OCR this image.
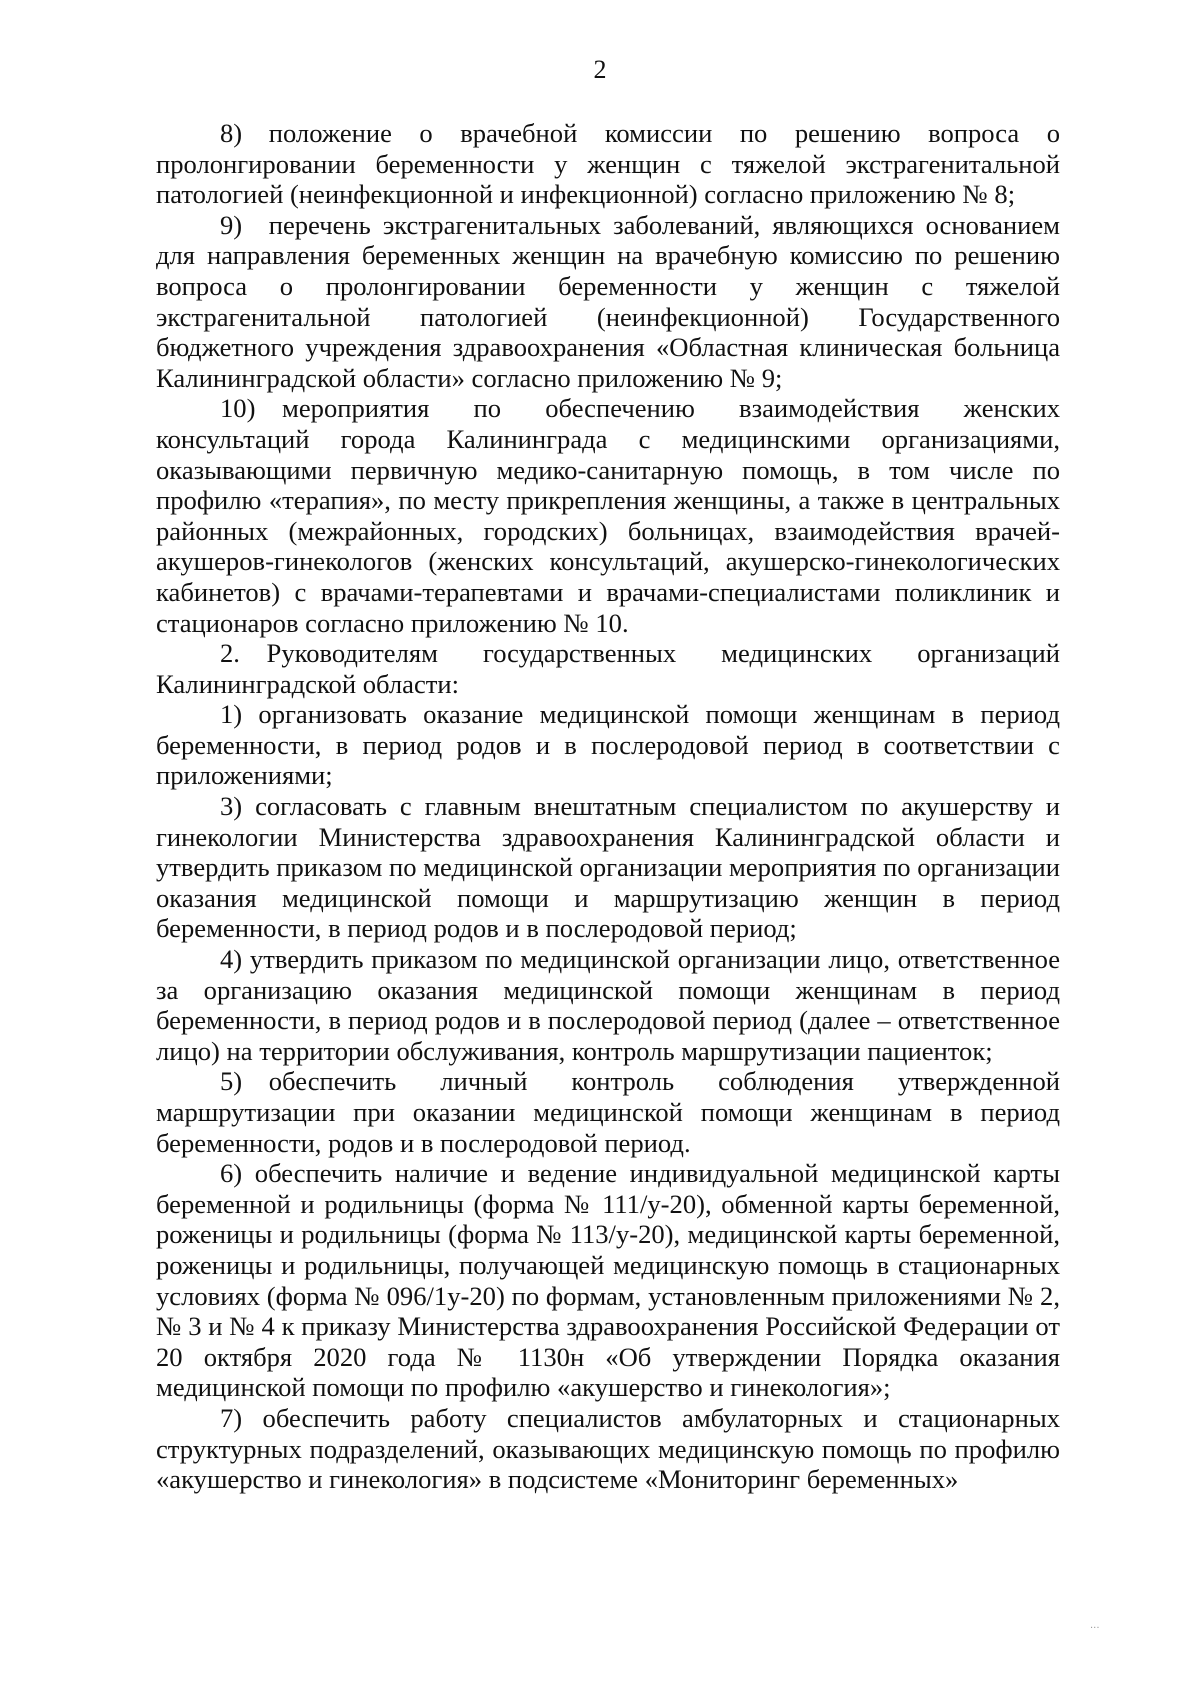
2

8) положение о врачебной комиссии по решению вопроса о пролонгировании беременности у женщин с тяжелой экстрагенитальной патологией (неинфекционной и инфекционной) согласно приложению № 8;

9) перечень экстрагенитальных заболеваний, являющихся основанием для направления беременных женщин на врачебную комиссию по решению вопроса о пролонгировании беременности у женщин с тяжелой экстрагенитальной патологией (неинфекционной) Государственного бюджетного учреждения здравоохранения «Областная клиническая больница Калининградской области» согласно приложению № 9;

10) мероприятия по обеспечению взаимодействия женских консультаций города Калининграда с медицинскими организациями, оказывающими первичную медико-санитарную помощь, в том числе по профилю «терапия», по месту прикрепления женщины, а также в центральных районных (межрайонных, городских) больницах, взаимодействия врачей-акушеров-гинекологов (женских консультаций, акушерско-гинекологических кабинетов) с врачами-терапевтами и врачами-специалистами поликлиник и стационаров согласно приложению № 10.

2. Руководителям государственных медицинских организаций Калининградской области:

1) организовать оказание медицинской помощи женщинам в период беременности, в период родов и в послеродовой период в соответствии с приложениями;

3) согласовать с главным внештатным специалистом по акушерству и гинекологии Министерства здравоохранения Калининградской области и утвердить приказом по медицинской организации мероприятия по организации оказания медицинской помощи и маршрутизацию женщин в период беременности, в период родов и в послеродовой период;

4) утвердить приказом по медицинской организации лицо, ответственное за организацию оказания медицинской помощи женщинам в период беременности, в период родов и в послеродовой период (далее – ответственное лицо) на территории обслуживания, контроль маршрутизации пациенток;

5) обеспечить личный контроль соблюдения утвержденной маршрутизации при оказании медицинской помощи женщинам в период беременности, родов и в послеродовой период.

6) обеспечить наличие и ведение индивидуальной медицинской карты беременной и родильницы (форма № 111/у-20), обменной карты беременной, роженицы и родильницы (форма № 113/у-20), медицинской карты беременной, роженицы и родильницы, получающей медицинскую помощь в стационарных условиях (форма № 096/1у-20) по формам, установленным приложениями № 2, № 3 и № 4 к приказу Министерства здравоохранения Российской Федерации от 20 октября 2020 года № 1130н «Об утверждении Порядка оказания медицинской помощи по профилю «акушерство и гинекология»;

7) обеспечить работу специалистов амбулаторных и стационарных структурных подразделений, оказывающих медицинскую помощь по профилю «акушерство и гинекология» в подсистеме «Мониторинг беременных»

...
